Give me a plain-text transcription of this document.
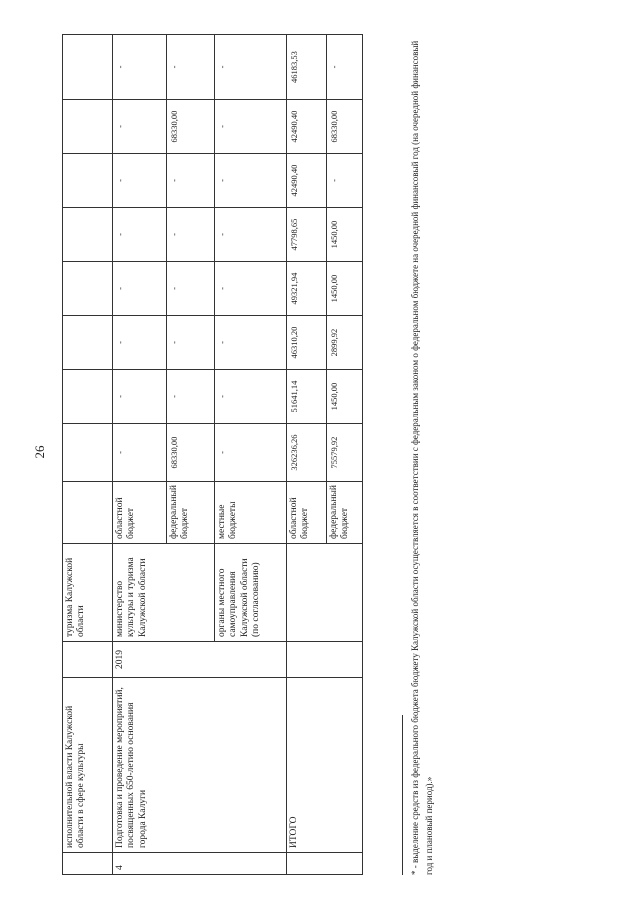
26
	исполнительной власти Калужской области в сфере культуры		туризма Калужской области									
4	Подготовка и проведение мероприятий, посвященных 650-летию основания города Калуги	2019	министерство культуры и туризма Калужской области	областной бюджет	-	-	-	-	-	-	-	-
				федеральный бюджет	68330,00	-	-	-	-	-	68330,00	-
			органы местного самоуправления Калужской области (по согласованию)	местные бюджеты	-	-	-	-	-	-	-	-
	ИТОГО			областной бюджет	326236,26	51641,14	46310,20	49321,94	47798,65	42490,40	42490,40	46183,53
				федеральный бюджет	75579,92	1450,00	2899,92	1450,00	1450,00	-	68330,00	-

* - выделение средств из федерального бюджета бюджету Калужской области осуществляется в соответствии с федеральным законом о федеральном бюджете на очередной финансовый год (на очередной финансовый год и плановый период).»
